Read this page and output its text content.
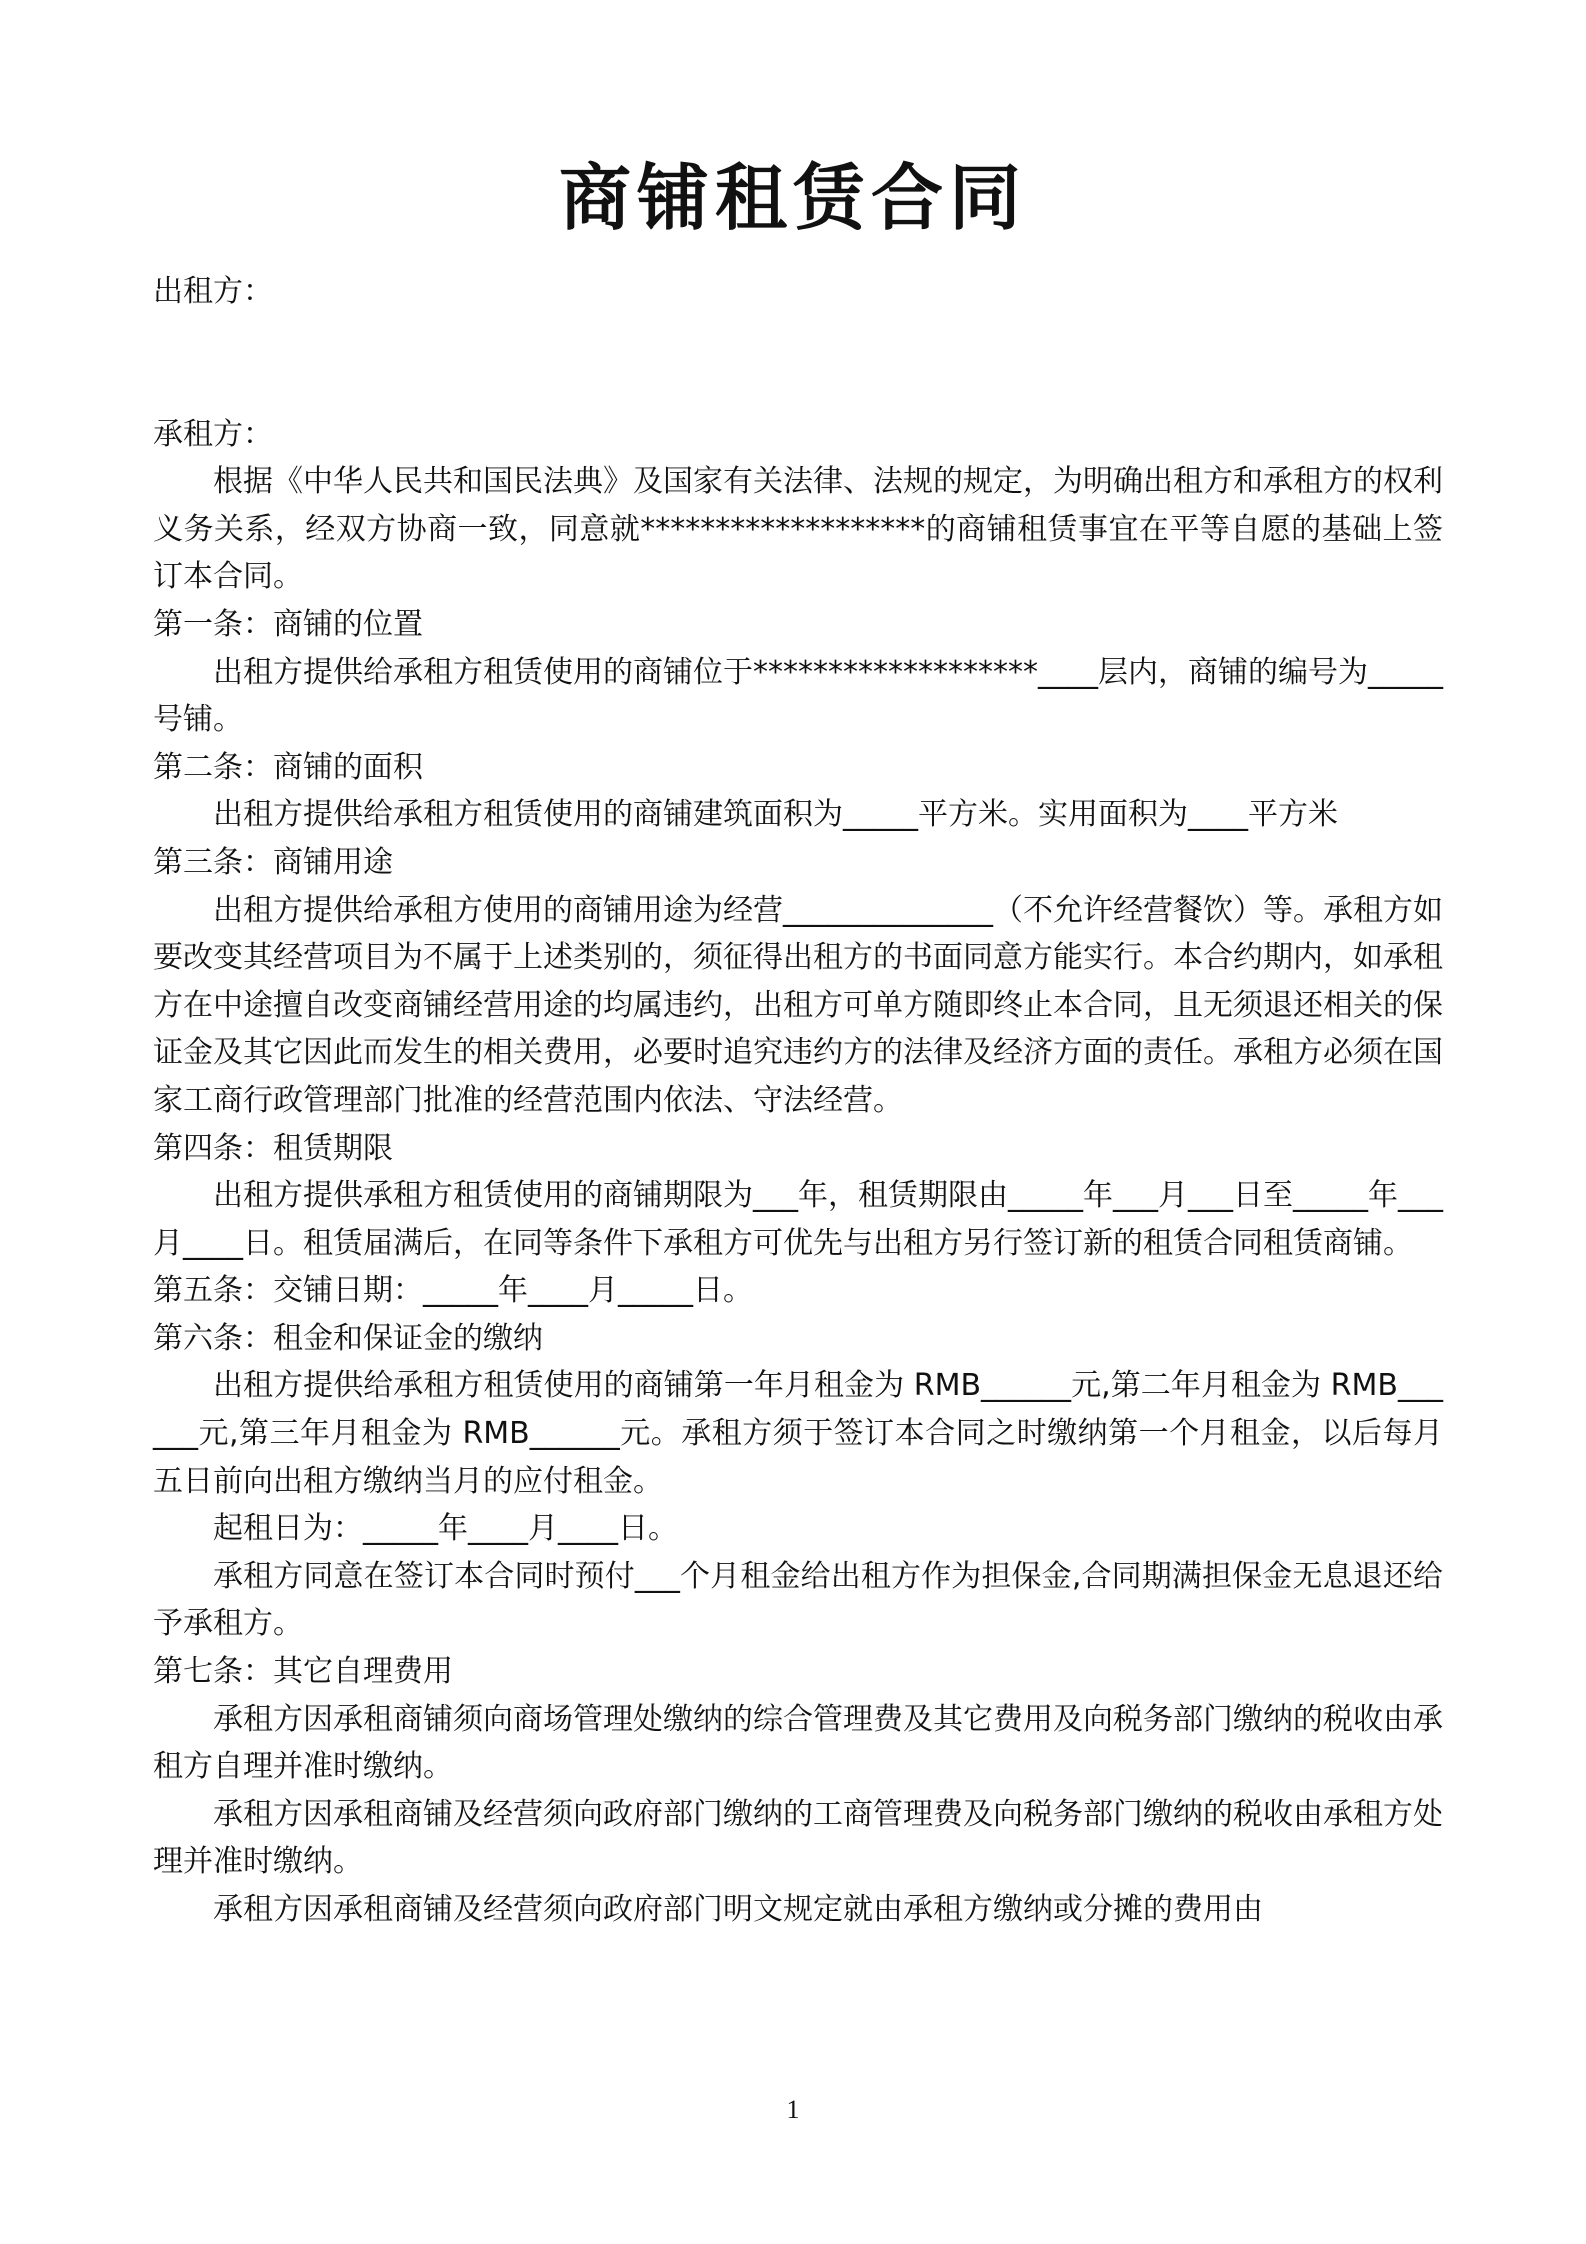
商铺租赁合同

出租方：

承租方：

根据《中华人民共和国民法典》及国家有关法律、法规的规定，为明确出租方和承租方的权利义务关系，经双方协商一致，同意就*******************的商铺租赁事宜在平等自愿的基础上签订本合同。

第一条：商铺的位置

出租方提供给承租方租赁使用的商铺位于*******************____层内，商铺的编号为_____号铺。

第二条：商铺的面积

出租方提供给承租方租赁使用的商铺建筑面积为_____平方米。实用面积为____平方米

第三条：商铺用途

出租方提供给承租方使用的商铺用途为经营______________（不允许经营餐饮）等。承租方如要改变其经营项目为不属于上述类别的，须征得出租方的书面同意方能实行。本合约期内，如承租方在中途擅自改变商铺经营用途的均属违约，出租方可单方随即终止本合同，且无须退还相关的保证金及其它因此而发生的相关费用，必要时追究违约方的法律及经济方面的责任。承租方必须在国家工商行政管理部门批准的经营范围内依法、守法经营。

第四条：租赁期限

出租方提供承租方租赁使用的商铺期限为___年，租赁期限由_____年___月___日至_____年___月____日。租赁届满后，在同等条件下承租方可优先与出租方另行签订新的租赁合同租赁商铺。

第五条：交铺日期：_____年____月_____日。

第六条：租金和保证金的缴纳

出租方提供给承租方租赁使用的商铺第一年月租金为 RMB______元,第二年月租金为 RMB______元,第三年月租金为 RMB______元。承租方须于签订本合同之时缴纳第一个月租金，以后每月五日前向出租方缴纳当月的应付租金。

起租日为：_____年____月____日。

承租方同意在签订本合同时预付___个月租金给出租方作为担保金,合同期满担保金无息退还给予承租方。

第七条：其它自理费用

承租方因承租商铺须向商场管理处缴纳的综合管理费及其它费用及向税务部门缴纳的税收由承租方自理并准时缴纳。

承租方因承租商铺及经营须向政府部门缴纳的工商管理费及向税务部门缴纳的税收由承租方处理并准时缴纳。

承租方因承租商铺及经营须向政府部门明文规定就由承租方缴纳或分摊的费用由

1
